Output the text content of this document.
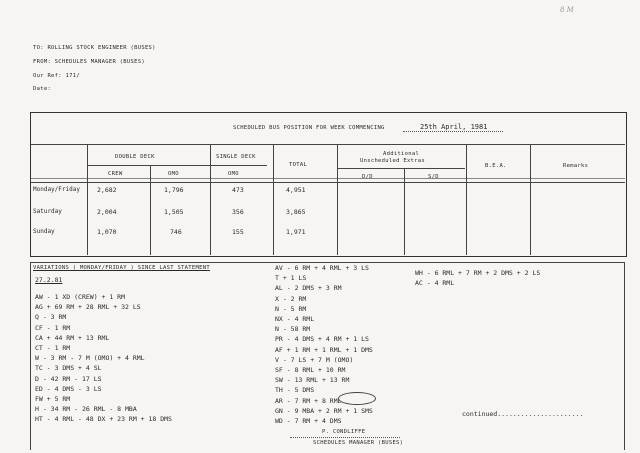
8 M
TO: ROLLING STOCK ENGINEER (BUSES)
FROM: SCHEDULES MANAGER (BUSES)
Our Ref: 171/
Date:
SCHEDULED BUS POSITION FOR WEEK COMMENCING	25th April, 1981
DOUBLE DECK	SINGLE DECK
TOTAL
Additional
Unscheduled Extras
B.E.A.	Remarks
CREW	OMO	OMO	D/D	S/D
Monday/Friday	2,682	1,796	473	4,951
Saturday	2,004	1,505	356	3,865
Sunday	1,070	746	155	1,971
VARIATIONS ( MONDAY/FRIDAY ) SINCE LAST STATEMENT
27.2.81
AW - 1 XD (CREW) + 1 RM
AG + 69 RM + 28 RML + 32 LS
Q - 3 RM
CF - 1 RM
CA + 44 RM + 13 RML
CT - 1 RM
W - 3 RM - 7 M (OMO) + 4 RML
TC - 3 DMS + 4 SL
D - 42 RM - 17 LS
ED - 4 DMS - 3 LS
FW + 5 RM
H - 34 RM - 26 RML - 8 MBA
HT - 4 RML - 48 DX + 23 RM + 18 DMS
AV - 6 RM + 4 RML + 3 LS
T + 1 LS
AL - 2 DMS + 3 RM
X - 2 RM
N - 5 RM
NX - 4 RML
N - 58 RM
PR - 4 DMS + 4 RM + 1 LS
AF + 1 RM + 1 RML + 1 DMS
V - 7 LS + 7 M (OMO)
SF - 8 RML + 10 RM
SW - 13 RML + 13 RM
TH - 5 DMS
AR - 7 RM + 8 RML
GN - 9 MBA + 2 RM + 1 SMS
WD - 7 RM + 4 DMS
WH - 6 RML + 7 RM + 2 DMS + 2 LS
AC - 4 RML
continued......................
P. CONDLIFFE
SCHEDULES MANAGER (BUSES)
